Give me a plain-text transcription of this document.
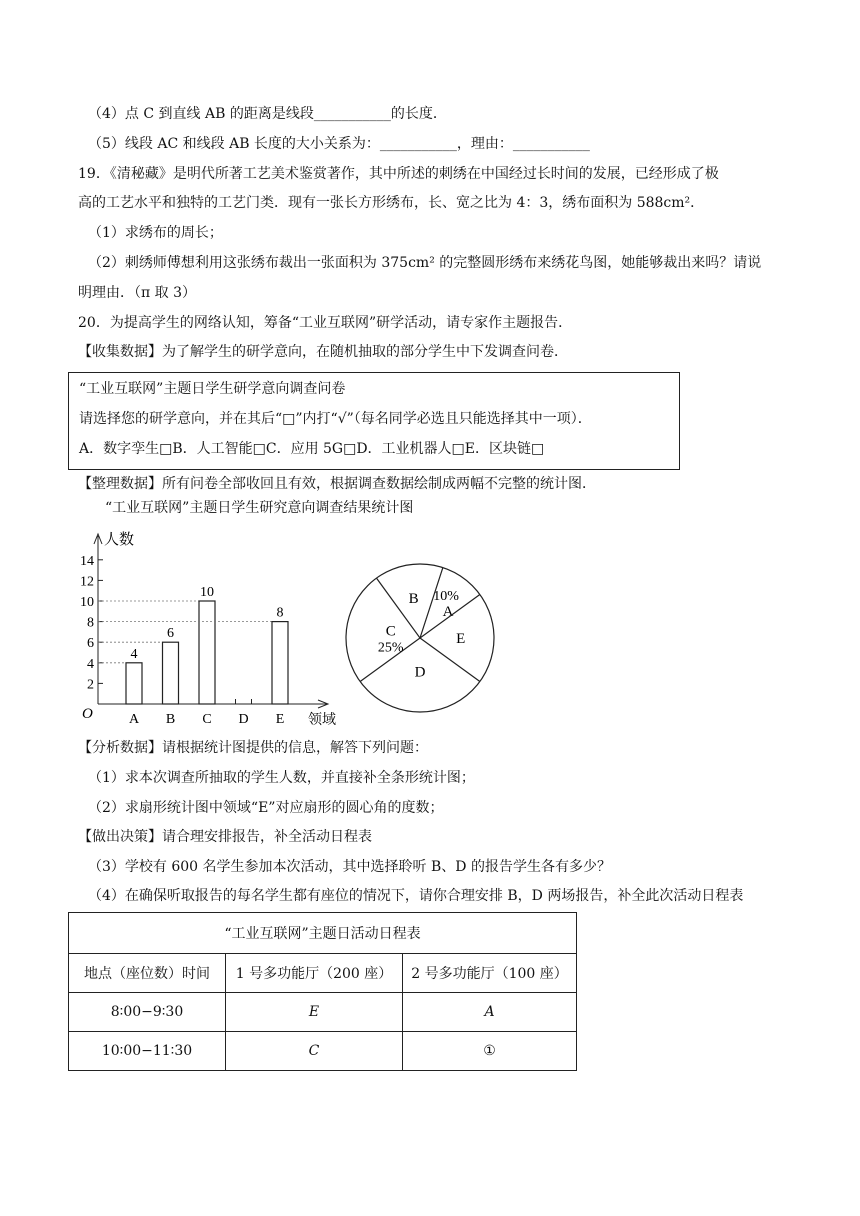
（4）点 C 到直线 AB 的距离是线段___________的长度．
（5）线段 AC 和线段 AB 长度的大小关系为：___________，理由：___________
19．《清秘藏》是明代所著工艺美术鉴赏著作，其中所述的刺绣在中国经过长时间的发展，已经形成了极
高的工艺水平和独特的工艺门类．现有一张长方形绣布，长、宽之比为 4：3，绣布面积为 588cm²．
（1）求绣布的周长；
（2）刺绣师傅想利用这张绣布裁出一张面积为 375cm² 的完整圆形绣布来绣花鸟图，她能够裁出来吗？请说
明理由．（π 取 3）
20．为提高学生的网络认知，筹备“工业互联网”研学活动，请专家作主题报告．
【收集数据】为了解学生的研学意向，在随机抽取的部分学生中下发调查问卷．
“工业互联网”主题日学生研学意向调查问卷
请选择您的研学意向，并在其后“□”内打“√”（每名同学必选且只能选择其中一项）．
A．数字孪生□B．人工智能□C．应用 5G□D．工业机器人□E．区块链□
【整理数据】所有问卷全部收回且有效，根据调查数据绘制成两幅不完整的统计图．
“工业互联网”主题日学生研究意向调查结果统计图
人数
领域
O
2
4
6
8
10
12
14
A
4
B
6
C
10
D E
8
10%
A
E
D
C
25%
B
【分析数据】请根据统计图提供的信息，解答下列问题：
（1）求本次调查所抽取的学生人数，并直接补全条形统计图；
（2）求扇形统计图中领域“E”对应扇形的圆心角的度数；
【做出决策】请合理安排报告，补全活动日程表
（3）学校有 600 名学生参加本次活动，其中选择聆听 B、D 的报告学生各有多少？
（4）在确保听取报告的每名学生都有座位的情况下，请你合理安排 B，D 两场报告，补全此次活动日程表
“工业互联网”主题日活动日程表		
地点（座位数）时间	1 号多功能厅（200 座）	2 号多功能厅（100 座）
8∶00−9∶30	E	A
10∶00−11∶30	C	①
